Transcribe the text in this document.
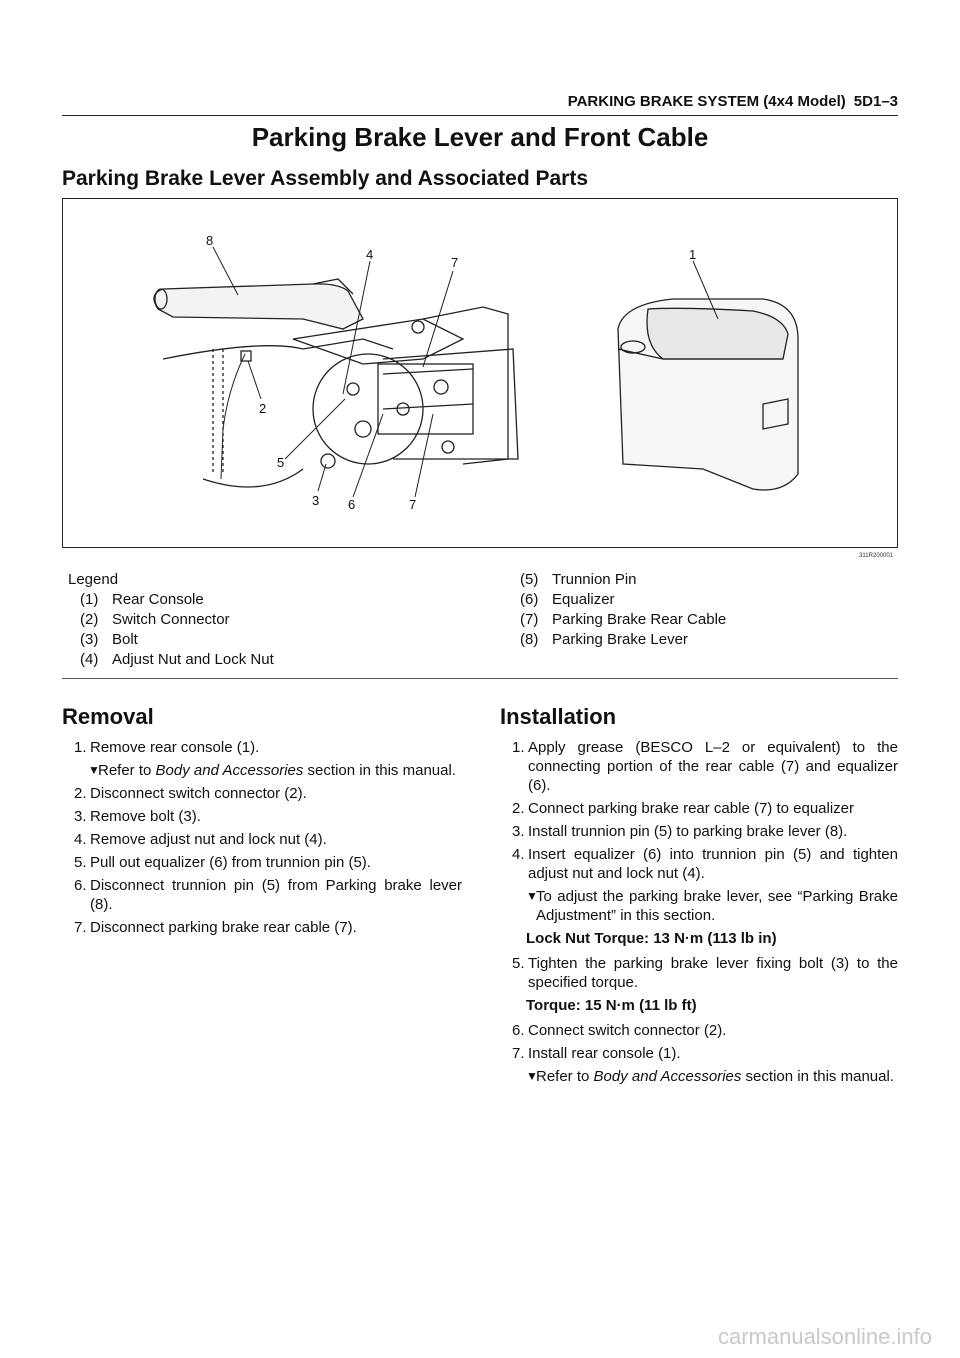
PARKING BRAKE SYSTEM (4x4 Model) 5D1–3
Parking Brake Lever and Front Cable
Parking Brake Lever Assembly and Associated Parts
8
4
7
1
2
5
3 6	7
311R200001
Legend
(1) Rear Console
(2) Switch Connector
(3) Bolt
(4) Adjust Nut and Lock Nut
(5) Trunnion Pin
(6) Equalizer
(7) Parking Brake Rear Cable
(8) Parking Brake Lever
Removal
1. Remove rear console (1).
▼
Refer to Body and Accessories section in this manual.
2. Disconnect switch connector (2).
3. Remove bolt (3).
4. Remove adjust nut and lock nut (4).
5. Pull out equalizer (6) from trunnion pin (5).
6. Disconnect trunnion pin (5) from Parking brake lever (8).
7. Disconnect parking brake rear cable (7).
Installation
1. Apply grease (BESCO L–2 or equivalent) to the connecting portion of the rear cable (7) and equalizer (6).
2. Connect parking brake rear cable (7) to equalizer
3. Install trunnion pin (5) to parking brake lever (8).
4. Insert equalizer (6) into trunnion pin (5) and tighten adjust nut and lock nut (4).
▼
To adjust the parking brake lever, see “Parking Brake Adjustment” in this section.
Lock Nut Torque: 13 N·m (113 lb in)
5. Tighten the parking brake lever fixing bolt (3) to the specified torque.
Torque: 15 N·m (11 lb ft)
6. Connect switch connector (2).
7. Install rear console (1).
▼
Refer to Body and Accessories section in this manual.
carmanualsonline.info
